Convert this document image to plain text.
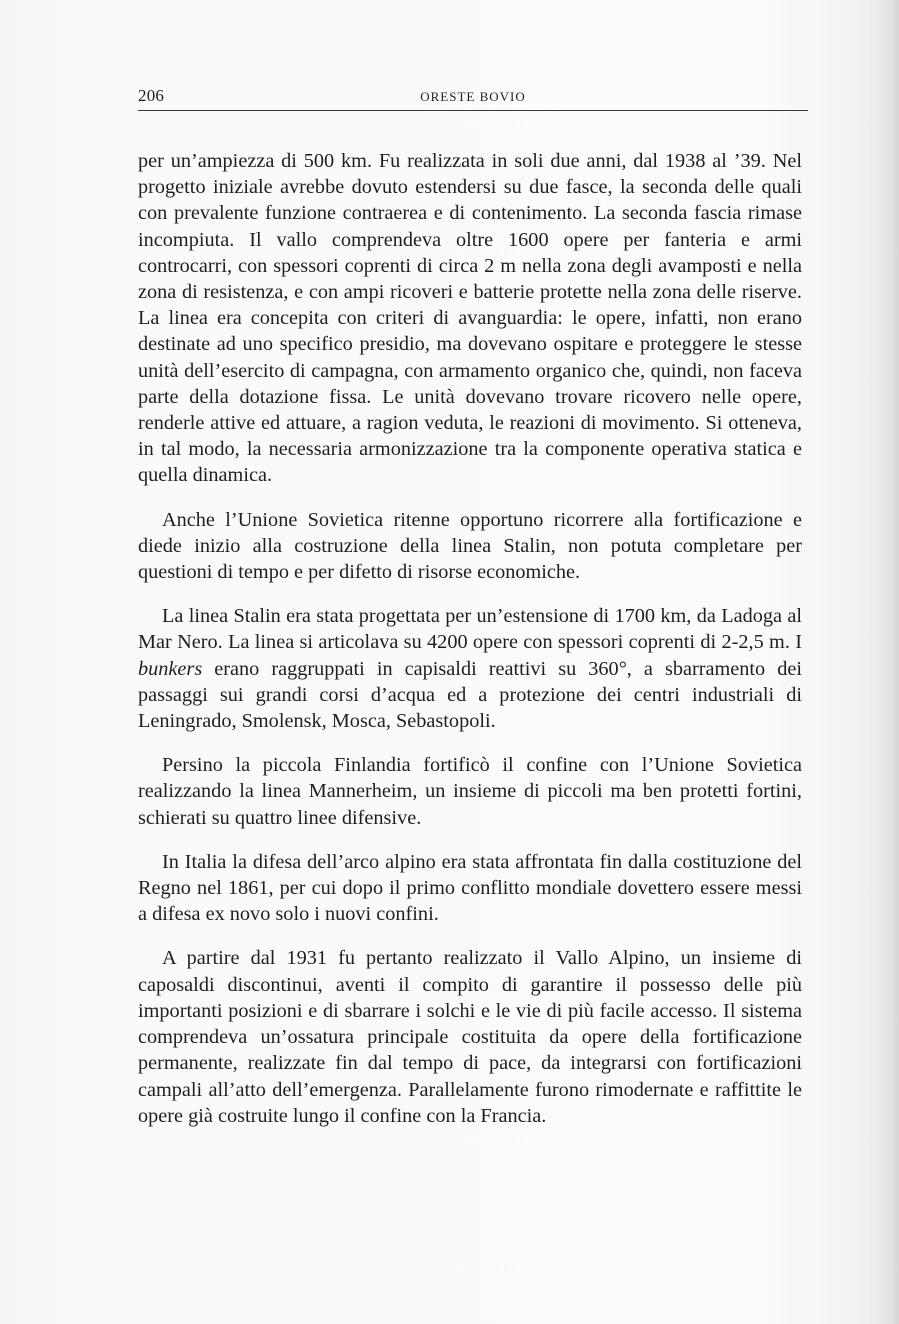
206	ORESTE BOVIO

per un’ampiezza di 500 km. Fu realizzata in soli due anni, dal 1938 al ’39. Nel progetto iniziale avrebbe dovuto estendersi su due fasce, la seconda delle quali con prevalente funzione contraerea e di contenimento. La seconda fascia rimase incompiuta. Il vallo comprendeva oltre 1600 opere per fanteria e armi controcarri, con spessori coprenti di circa 2 m nella zona degli avamposti e nella zona di resistenza, e con ampi ricoveri e batterie protette nella zona delle riserve. La linea era concepita con criteri di avanguardia: le opere, infatti, non erano destinate ad uno specifico presidio, ma dovevano ospitare e proteggere le stesse unità dell’esercito di campagna, con armamento organico che, quindi, non faceva parte della dotazione fissa. Le unità dovevano trovare ricovero nelle opere, renderle attive ed attuare, a ragion veduta, le reazioni di movimento. Si otteneva, in tal modo, la necessaria armonizzazione tra la componente operativa statica e quella dinamica.

Anche l’Unione Sovietica ritenne opportuno ricorrere alla fortificazione e diede inizio alla costruzione della linea Stalin, non potuta completare per questioni di tempo e per difetto di risorse economiche.

La linea Stalin era stata progettata per un’estensione di 1700 km, da Ladoga al Mar Nero. La linea si articolava su 4200 opere con spessori coprenti di 2-2,5 m. I bunkers erano raggruppati in capisaldi reattivi su 360°, a sbarramento dei passaggi sui grandi corsi d’acqua ed a protezione dei centri industriali di Leningrado, Smolensk, Mosca, Sebastopoli.

Persino la piccola Finlandia fortificò il confine con l’Unione Sovietica realizzando la linea Mannerheim, un insieme di piccoli ma ben protetti fortini, schierati su quattro linee difensive.

In Italia la difesa dell’arco alpino era stata affrontata fin dalla costituzione del Regno nel 1861, per cui dopo il primo conflitto mondiale dovettero essere messi a difesa ex novo solo i nuovi confini.

A partire dal 1931 fu pertanto realizzato il Vallo Alpino, un insieme di caposaldi discontinui, aventi il compito di garantire il possesso delle più importanti posizioni e di sbarrare i solchi e le vie di più facile accesso. Il sistema comprendeva un’ossatura principale costituita da opere della fortificazione permanente, realizzate fin dal tempo di pace, da integrarsi con fortificazioni campali all’atto dell’emergenza. Parallelamente furono rimodernate e raffittite le opere già costruite lungo il confine con la Francia.
